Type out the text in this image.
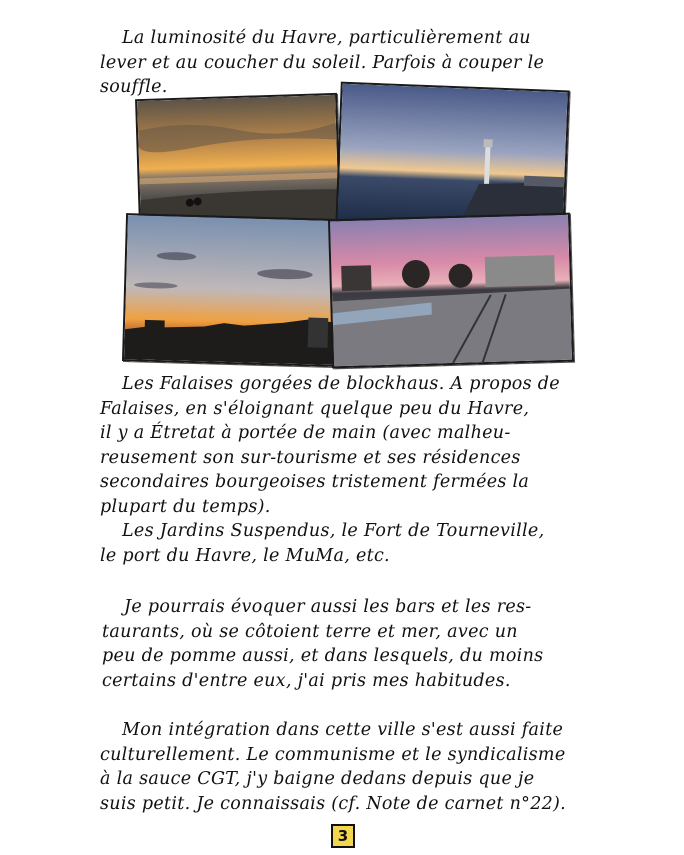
La luminosité du Havre, particulièrement au
lever et au coucher du soleil. Parfois à couper le
souffle.

Les Falaises gorgées de blockhaus. A propos de
Falaises, en s'éloignant quelque peu du Havre,
il y a Étretat à portée de main (avec malheu-
reusement son sur-tourisme et ses résidences
secondaires bourgeoises tristement fermées la
plupart du temps).
Les Jardins Suspendus, le Fort de Tourneville,
le port du Havre, le MuMa, etc.

Je pourrais évoquer aussi les bars et les res-
taurants, où se côtoient terre et mer, avec un
peu de pomme aussi, et dans lesquels, du moins
certains d'entre eux, j'ai pris mes habitudes.

Mon intégration dans cette ville s'est aussi faite
culturellement. Le communisme et le syndicalisme
à la sauce CGT, j'y baigne dedans depuis que je
suis petit. Je connaissais (cf. Note de carnet n°22).

3
